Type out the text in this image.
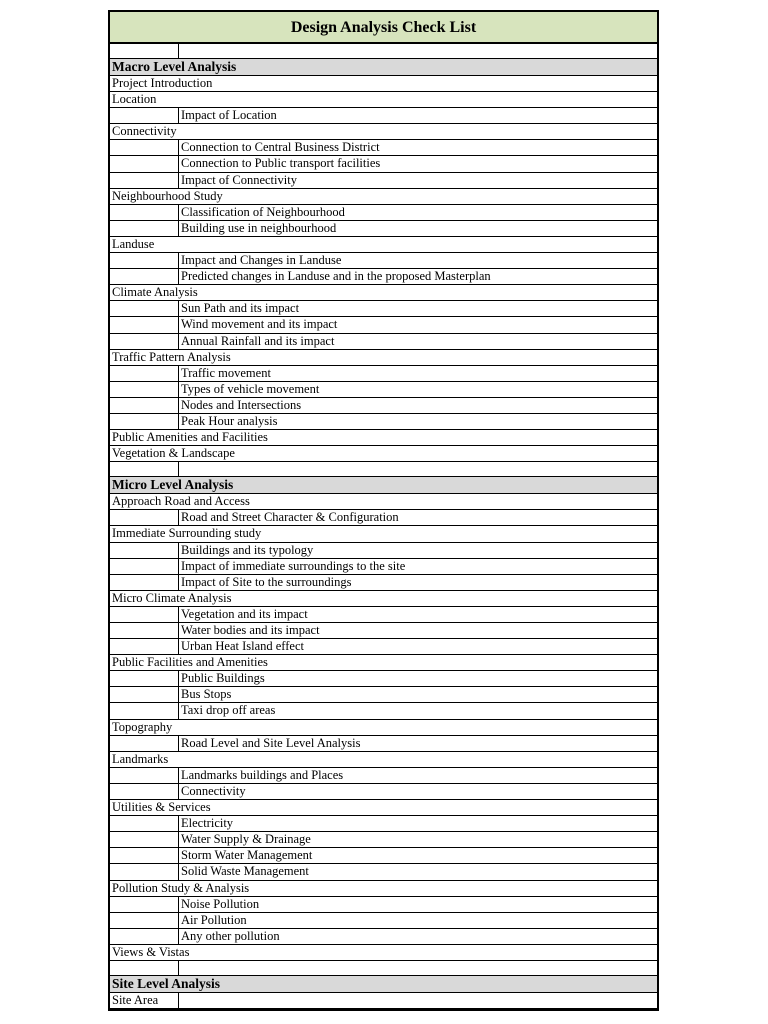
Design Analysis Check List
Macro Level Analysis
Project Introduction
Location
Impact of Location
Connectivity
Connection to Central Business District
Connection to Public transport facilities
Impact of Connectivity
Neighbourhood Study
Classification of Neighbourhood
Building use in neighbourhood
Landuse
Impact and Changes in Landuse
Predicted changes in Landuse and in the proposed Masterplan
Climate Analysis
Sun Path and its impact
Wind movement and its impact
Annual Rainfall and its impact
Traffic Pattern Analysis
Traffic movement
Types of vehicle movement
Nodes and Intersections
Peak Hour analysis
Public Amenities and Facilities
Vegetation & Landscape
Micro Level Analysis
Approach Road and Access
Road and Street Character & Configuration
Immediate Surrounding study
Buildings and its typology
Impact of immediate surroundings to the site
Impact of Site to the surroundings
Micro Climate Analysis
Vegetation and its impact
Water bodies and its impact
Urban Heat Island effect
Public Facilities and Amenities
Public Buildings
Bus Stops
Taxi drop off areas
Topography
Road Level and Site Level Analysis
Landmarks
Landmarks buildings and Places
Connectivity
Utilities & Services
Electricity
Water Supply & Drainage
Storm Water Management
Solid Waste Management
Pollution Study & Analysis
Noise Pollution
Air Pollution
Any other pollution
Views & Vistas
Site Level Analysis
Site Area
